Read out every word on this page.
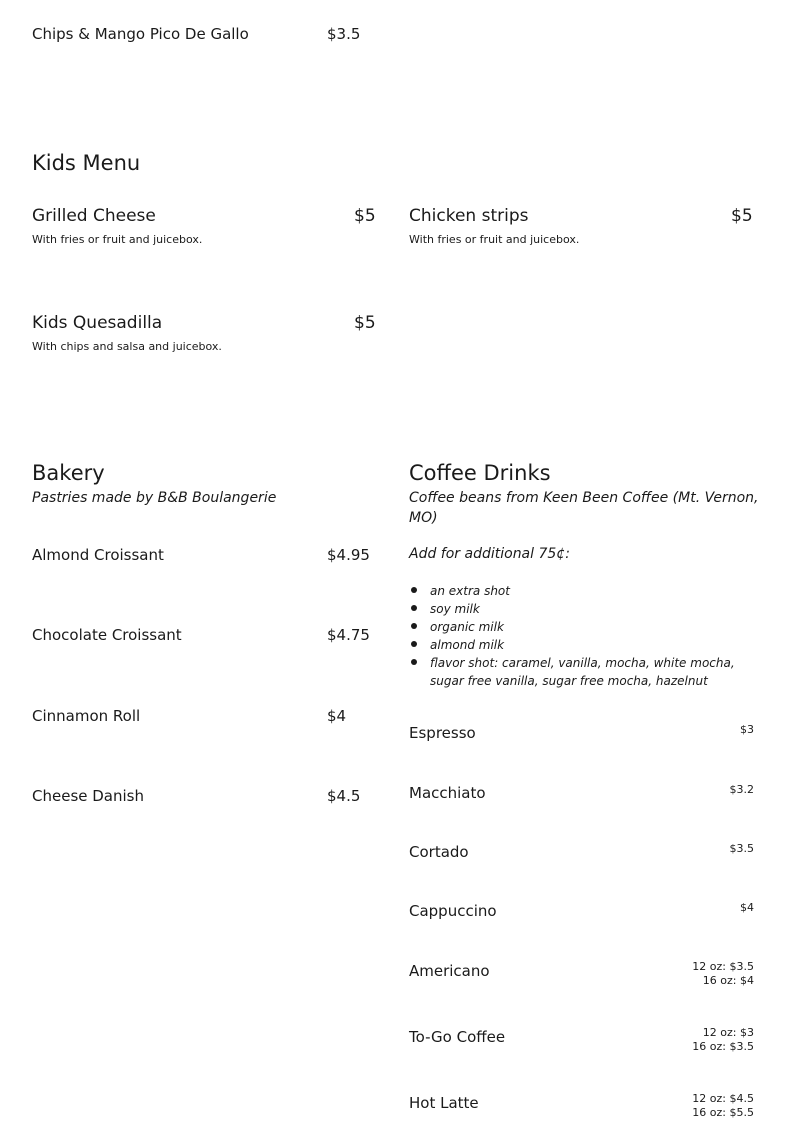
Chips & Mango Pico De Gallo	$3.5
Kids Menu
Grilled Cheese	$5
With fries or fruit and juicebox.
Chicken strips	$5
With fries or fruit and juicebox.
Kids Quesadilla	$5
With chips and salsa and juicebox.
Bakery
Pastries made by B&B Boulangerie
Almond Croissant	$4.95
Chocolate Croissant	$4.75
Cinnamon Roll	$4
Cheese Danish	$4.5
Coffee Drinks
Coffee beans from Keen Been Coffee (Mt. Vernon,
MO)
Add for additional 75¢:
an extra shot
soy milk
organic milk
almond milk
flavor shot: caramel, vanilla, mocha, white mocha, sugar free vanilla, sugar free mocha, hazelnut
Espresso	$3
Macchiato	$3.2
Cortado	$3.5
Cappuccino	$4
Americano	12 oz: $3.5
16 oz: $4
To-Go Coffee	12 oz: $3
16 oz: $3.5
Hot Latte	12 oz: $4.5
16 oz: $5.5
